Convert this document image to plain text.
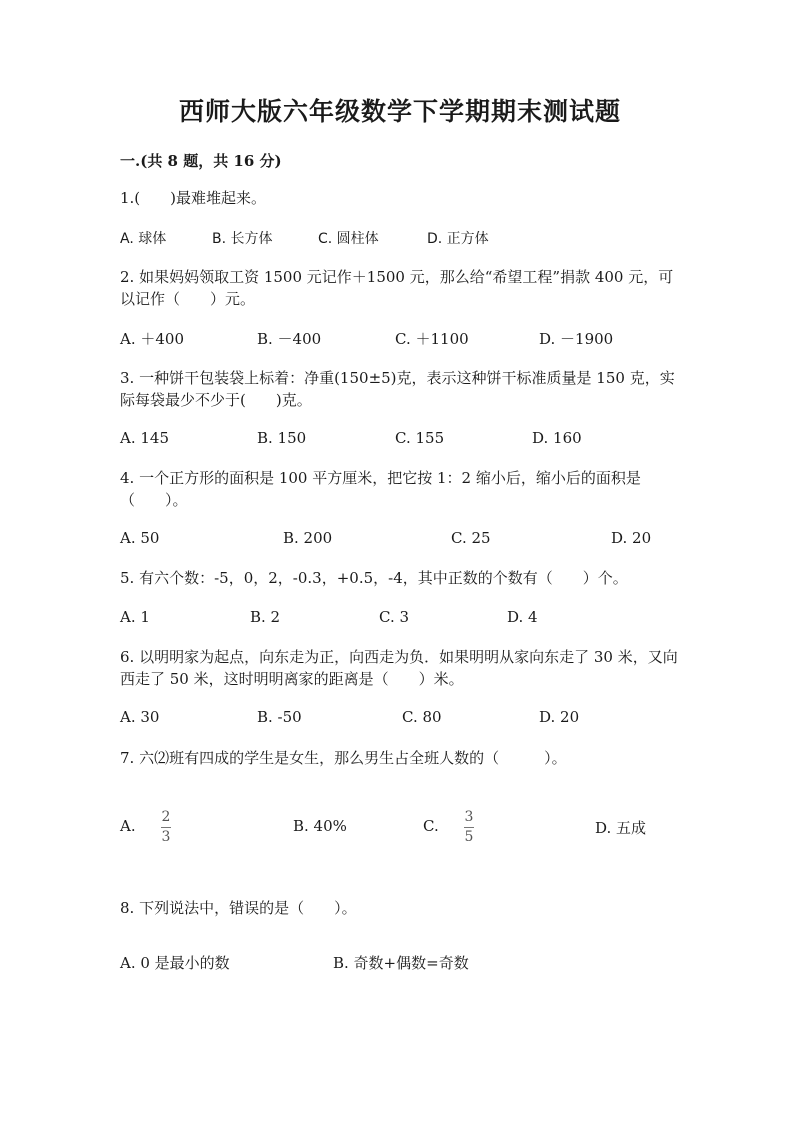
西师大版六年级数学下学期期末测试题
一.(共 8 题，共 16 分)
1.(　　)最难堆起来。
A. 球体	B. 长方体	C. 圆柱体	D. 正方体
2. 如果妈妈领取工资 1500 元记作＋1500 元，那么给“希望工程”捐款 400 元，可以记作（　　）元。
A. ＋400	B. －400	C. ＋1100	D. －1900
3. 一种饼干包装袋上标着：净重(150±5)克，表示这种饼干标准质量是 150 克，实际每袋最少不少于(　　)克。
A. 145	B. 150	C. 155	D. 160
4. 一个正方形的面积是 100 平方厘米，把它按 1：2 缩小后，缩小后的面积是（　　）。
A. 50	B. 200	C. 25	D. 20
5. 有六个数：-5，0，2，-0.3，+0.5，-4，其中正数的个数有（　　）个。
A. 1	B. 2	C. 3	D. 4
6. 以明明家为起点，向东走为正，向西走为负．如果明明从家向东走了 30 米，又向西走了 50 米，这时明明离家的距离是（　　）米。
A. 30	B. -50	C. 80	D. 20
7. 六⑵班有四成的学生是女生，那么男生占全班人数的（　　　）。
A. 2
3
B. 40%	C. 3
5	D. 五成
8. 下列说法中，错误的是（　　）。
A. 0 是最小的数	B. 奇数+偶数=奇数
